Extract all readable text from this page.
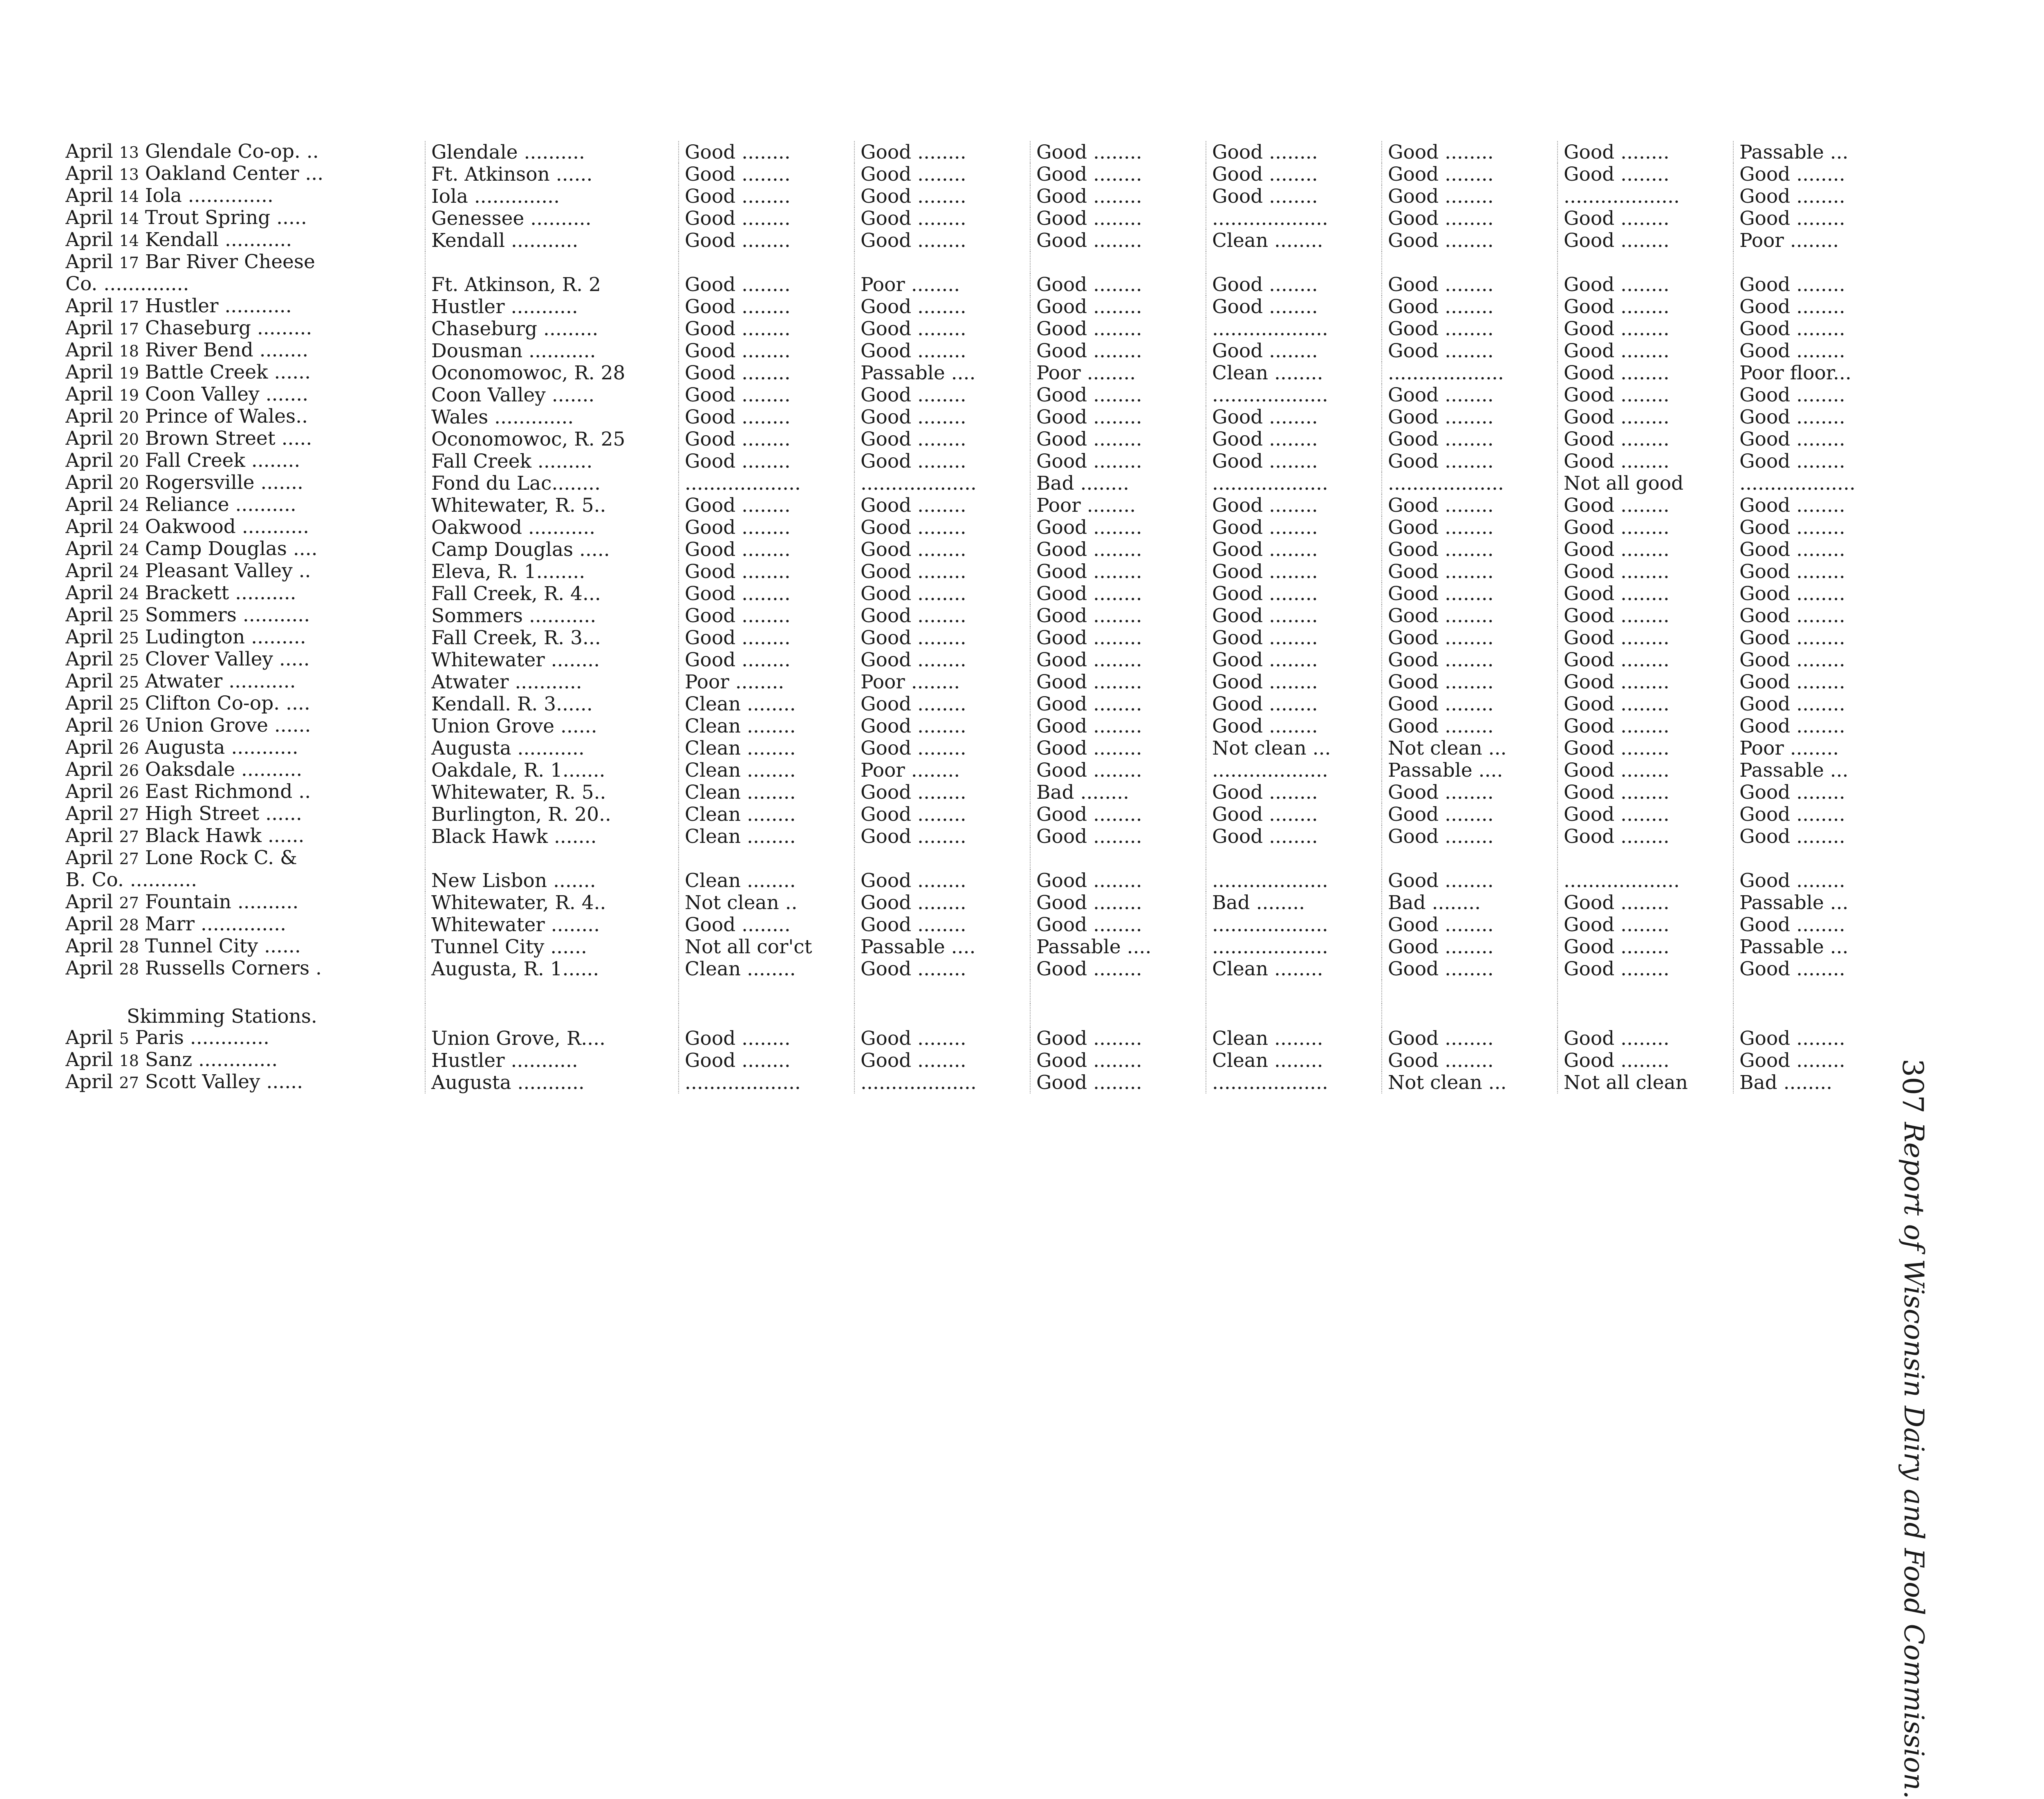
April 13 Glendale Co-op. ..	Glendale ..........	Good ........	Good ........	Good ........	Good ........	Good ........	Good ........	Passable ...
April 13 Oakland Center ...	Ft. Atkinson ......	Good ........	Good ........	Good ........	Good ........	Good ........	Good ........	Good ........
April 14 Iola ..............	Iola ..............	Good ........	Good ........	Good ........	Good ........	Good ........	...................	Good ........
April 14 Trout Spring .....	Genessee ..........	Good ........	Good ........	Good ........	...................	Good ........	Good ........	Good ........
April 14 Kendall ...........	Kendall ...........	Good ........	Good ........	Good ........	Clean ........	Good ........	Good ........	Poor ........
April 17 Bar River Cheese								
Co. ..............	Ft. Atkinson, R. 2	Good ........	Poor ........	Good ........	Good ........	Good ........	Good ........	Good ........
April 17 Hustler ...........	Hustler ...........	Good ........	Good ........	Good ........	Good ........	Good ........	Good ........	Good ........
April 17 Chaseburg .........	Chaseburg .........	Good ........	Good ........	Good ........	...................	Good ........	Good ........	Good ........
April 18 River Bend ........	Dousman ...........	Good ........	Good ........	Good ........	Good ........	Good ........	Good ........	Good ........
April 19 Battle Creek ......	Oconomowoc, R. 28	Good ........	Passable ....	Poor ........	Clean ........	...................	Good ........	Poor floor...
April 19 Coon Valley .......	Coon Valley .......	Good ........	Good ........	Good ........	...................	Good ........	Good ........	Good ........
April 20 Prince of Wales..	Wales .............	Good ........	Good ........	Good ........	Good ........	Good ........	Good ........	Good ........
April 20 Brown Street .....	Oconomowoc, R. 25	Good ........	Good ........	Good ........	Good ........	Good ........	Good ........	Good ........
April 20 Fall Creek ........	Fall Creek .........	Good ........	Good ........	Good ........	Good ........	Good ........	Good ........	Good ........
April 20 Rogersville .......	Fond du Lac........	...................	...................	Bad ........	...................	...................	Not all good	...................
April 24 Reliance ..........	Whitewater, R. 5..	Good ........	Good ........	Poor ........	Good ........	Good ........	Good ........	Good ........
April 24 Oakwood ...........	Oakwood ...........	Good ........	Good ........	Good ........	Good ........	Good ........	Good ........	Good ........
April 24 Camp Douglas ....	Camp Douglas .....	Good ........	Good ........	Good ........	Good ........	Good ........	Good ........	Good ........
April 24 Pleasant Valley ..	Eleva, R. 1........	Good ........	Good ........	Good ........	Good ........	Good ........	Good ........	Good ........
April 24 Brackett ..........	Fall Creek, R. 4...	Good ........	Good ........	Good ........	Good ........	Good ........	Good ........	Good ........
April 25 Sommers ...........	Sommers ...........	Good ........	Good ........	Good ........	Good ........	Good ........	Good ........	Good ........
April 25 Ludington .........	Fall Creek, R. 3...	Good ........	Good ........	Good ........	Good ........	Good ........	Good ........	Good ........
April 25 Clover Valley .....	Whitewater ........	Good ........	Good ........	Good ........	Good ........	Good ........	Good ........	Good ........
April 25 Atwater ...........	Atwater ...........	Poor ........	Poor ........	Good ........	Good ........	Good ........	Good ........	Good ........
April 25 Clifton Co-op. ....	Kendall. R. 3......	Clean ........	Good ........	Good ........	Good ........	Good ........	Good ........	Good ........
April 26 Union Grove ......	Union Grove ......	Clean ........	Good ........	Good ........	Good ........	Good ........	Good ........	Good ........
April 26 Augusta ...........	Augusta ...........	Clean ........	Good ........	Good ........	Not clean ...	Not clean ...	Good ........	Poor ........
April 26 Oaksdale ..........	Oakdale, R. 1.......	Clean ........	Poor ........	Good ........	...................	Passable ....	Good ........	Passable ...
April 26 East Richmond ..	Whitewater, R. 5..	Clean ........	Good ........	Bad ........	Good ........	Good ........	Good ........	Good ........
April 27 High Street ......	Burlington, R. 20..	Clean ........	Good ........	Good ........	Good ........	Good ........	Good ........	Good ........
April 27 Black Hawk ......	Black Hawk .......	Clean ........	Good ........	Good ........	Good ........	Good ........	Good ........	Good ........
April 27 Lone Rock C. &								
B. Co. ...........	New Lisbon .......	Clean ........	Good ........	Good ........	...................	Good ........	...................	Good ........
April 27 Fountain ..........	Whitewater, R. 4..	Not clean ..	Good ........	Good ........	Bad ........	Bad ........	Good ........	Passable ...
April 28 Marr ..............	Whitewater ........	Good ........	Good ........	Good ........	...................	Good ........	Good ........	Good ........
April 28 Tunnel City ......	Tunnel City ......	Not all cor'ct	Passable ....	Passable ....	...................	Good ........	Good ........	Passable ...
April 28 Russells Corners .	Augusta, R. 1......	Clean ........	Good ........	Good ........	Clean ........	Good ........	Good ........	Good ........

Skimming Stations.								
April 5 Paris .............	Union Grove, R....	Good ........	Good ........	Good ........	Clean ........	Good ........	Good ........	Good ........
April 18 Sanz .............	Hustler ...........	Good ........	Good ........	Good ........	Clean ........	Good ........	Good ........	Good ........
April 27 Scott Valley ......	Augusta ...........	...................	...................	Good ........	...................	Not clean ...	Not all clean	Bad ........
Report of Wisconsin Dairy and Food Commission.
307
